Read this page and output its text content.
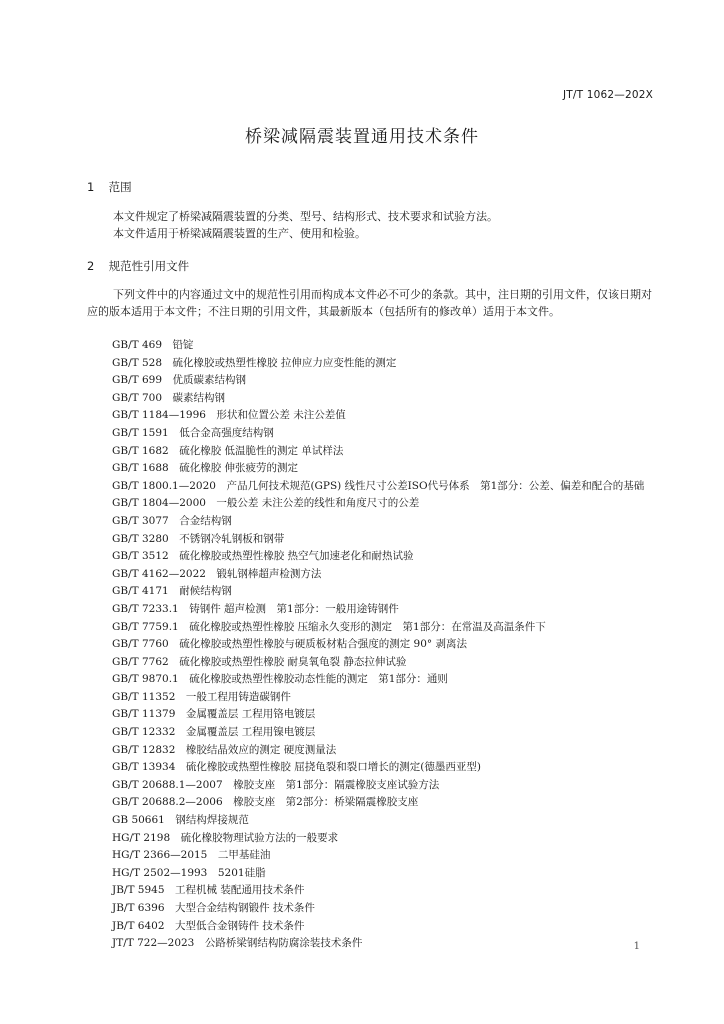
JT/T 1062—202X
桥梁减隔震装置通用技术条件
1 范围
本文件规定了桥梁减隔震装置的分类、型号、结构形式、技术要求和试验方法。
本文件适用于桥梁减隔震装置的生产、使用和检验。
2 规范性引用文件
下列文件中的内容通过文中的规范性引用而构成本文件必不可少的条款。其中，注日期的引用文件，仅该日期对应的版本适用于本文件；不注日期的引用文件，其最新版本（包括所有的修改单）适用于本文件。

GB/T 469　铅锭

GB/T 528　硫化橡胶或热塑性橡胶 拉伸应力应变性能的测定

GB/T 699　优质碳素结构钢

GB/T 700　碳素结构钢

GB/T 1184—1996　形状和位置公差 未注公差值

GB/T 1591　低合金高强度结构钢

GB/T 1682　硫化橡胶 低温脆性的测定 单试样法

GB/T 1688　硫化橡胶 伸张疲劳的测定

GB/T 1800.1—2020　产品几何技术规范(GPS) 线性尺寸公差ISO代号体系　第1部分：公差、偏差和配合的基础

GB/T 1804—2000　一般公差 未注公差的线性和角度尺寸的公差

GB/T 3077　合金结构钢

GB/T 3280　不锈钢冷轧钢板和钢带

GB/T 3512　硫化橡胶或热塑性橡胶 热空气加速老化和耐热试验

GB/T 4162—2022　锻轧钢棒超声检测方法

GB/T 4171　耐候结构钢

GB/T 7233.1　铸钢件 超声检测　第1部分：一般用途铸钢件

GB/T 7759.1　硫化橡胶或热塑性橡胶 压缩永久变形的测定　第1部分：在常温及高温条件下

GB/T 7760　硫化橡胶或热塑性橡胶与硬质板材粘合强度的测定 90° 剥离法

GB/T 7762　硫化橡胶或热塑性橡胶 耐臭氧龟裂 静态拉伸试验

GB/T 9870.1　硫化橡胶或热塑性橡胶动态性能的测定　第1部分：通则

GB/T 11352　一般工程用铸造碳钢件

GB/T 11379　金属覆盖层 工程用铬电镀层

GB/T 12332　金属覆盖层 工程用镍电镀层

GB/T 12832　橡胶结晶效应的测定 硬度测量法

GB/T 13934　硫化橡胶或热塑性橡胶 屈挠龟裂和裂口增长的测定(德墨西亚型)

GB/T 20688.1—2007　橡胶支座　第1部分：隔震橡胶支座试验方法

GB/T 20688.2—2006　橡胶支座　第2部分：桥梁隔震橡胶支座

GB 50661　钢结构焊接规范

HG/T 2198　硫化橡胶物理试验方法的一般要求

HG/T 2366—2015　二甲基硅油

HG/T 2502—1993　5201硅脂

JB/T 5945　工程机械 装配通用技术条件

JB/T 6396　大型合金结构钢锻件 技术条件

JB/T 6402　大型低合金钢铸件 技术条件

JT/T 722—2023　公路桥梁钢结构防腐涂装技术条件	1
